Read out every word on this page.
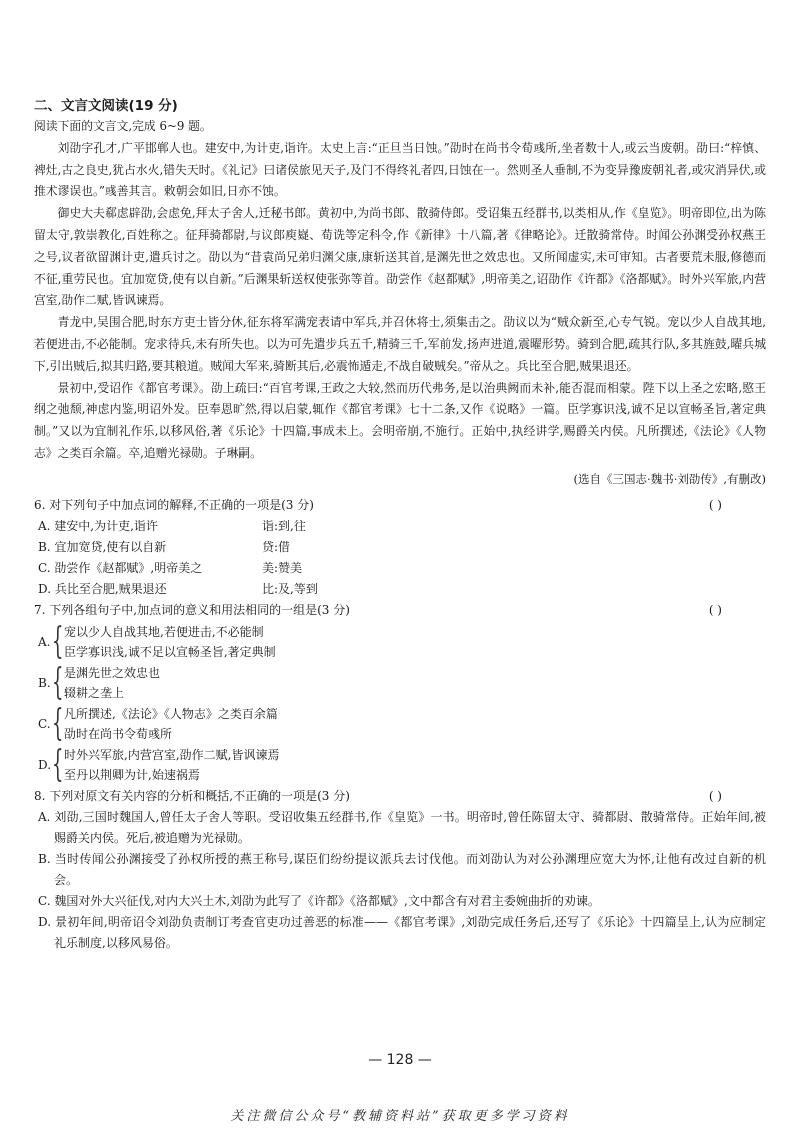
二、文言文阅读(19 分)

阅读下面的文言文,完成 6~9 题。

刘劭字孔才,广平邯郸人也。建安中,为计吏,诣许。太史上言:“正旦当日蚀。”劭时在尚书令荀彧所,坐者数十人,或云当废朝。劭曰:“梓慎、裨灶,古之良史,犹占水火,错失天时。《礼记》曰诸侯旅见天子,及门不得终礼者四,日蚀在一。然则圣人垂制,不为变异豫废朝礼者,或灾消异伏,或推术谬误也。”彧善其言。敕朝会如旧,日亦不蚀。

御史大夫郗虑辟劭,会虑免,拜太子舍人,迁秘书郎。黄初中,为尚书郎、散骑侍郎。受诏集五经群书,以类相从,作《皇览》。明帝即位,出为陈留太守,敦崇教化,百姓称之。征拜骑都尉,与议郎庾嶷、荀诜等定科令,作《新律》十八篇,著《律略论》。迁散骑常侍。时闻公孙渊受孙权燕王之号,议者欲留渊计吏,遣兵讨之。劭以为“昔袁尚兄弟归渊父康,康斩送其首,是渊先世之效忠也。又所闻虚实,未可审知。古者要荒未服,修德而不征,重劳民也。宜加宽贷,使有以自新。”后渊果斩送权使张弥等首。劭尝作《赵都赋》,明帝美之,诏劭作《许都》《洛都赋》。时外兴军旅,内营宫室,劭作二赋,皆讽谏焉。

青龙中,吴围合肥,时东方吏士皆分休,征东将军满宠表请中军兵,并召休将士,须集击之。劭议以为“贼众新至,心专气锐。宠以少人自战其地,若便进击,不必能制。宠求待兵,未有所失也。以为可先遣步兵五千,精骑三千,军前发,扬声进道,震曜形势。骑到合肥,疏其行队,多其旌鼓,曜兵城下,引出贼后,拟其归路,要其粮道。贼闻大军来,骑断其后,必震怖遁走,不战自破贼矣。”帝从之。兵比至合肥,贼果退还。

景初中,受诏作《都官考课》。劭上疏曰:“百官考课,王政之大较,然而历代弗务,是以治典阙而未补,能否混而相蒙。陛下以上圣之宏略,愍王纲之弛颓,神虑内鉴,明诏外发。臣奉恩旷然,得以启蒙,辄作《都官考课》七十二条,又作《说略》一篇。臣学寡识浅,诚不足以宣畅圣旨,著定典制。”又以为宜制礼作乐,以移风俗,著《乐论》十四篇,事成未上。会明帝崩,不施行。正始中,执经讲学,赐爵关内侯。凡所撰述,《法论》《人物志》之类百余篇。卒,追赠光禄勋。子琳嗣。

(选自《三国志·魏书·刘劭传》,有删改)

6. 对下列句子中加点词的解释,不正确的一项是(3 分)	( )
A. 建安中,为计吏,诣许	诣:到,往
B. 宜加宽贷,使有以自新	贷:借
C. 劭尝作《赵都赋》,明帝美之	美:赞美
D. 兵比至合肥,贼果退还	比:及,等到
7. 下列各组句子中,加点词的意义和用法相同的一组是(3 分)	( )
A. { 宠以少人自战其地,若便进击,不必能制
臣学寡识浅,诚不足以宣畅圣旨,著定典制
B. { 是渊先世之效忠也
辍耕之垄上
C. { 凡所撰述,《法论》《人物志》之类百余篇
劭时在尚书令荀彧所
D. { 时外兴军旅,内营宫室,劭作二赋,皆讽谏焉
至丹以荆卿为计,始速祸焉
8. 下列对原文有关内容的分析和概括,不正确的一项是(3 分)	( )
A. 刘劭,三国时魏国人,曾任太子舍人等职。受诏收集五经群书,作《皇览》一书。明帝时,曾任陈留太守、骑都尉、散骑常侍。正始年间,被赐爵关内侯。死后,被追赠为光禄勋。
B. 当时传闻公孙渊接受了孙权所授的燕王称号,谋臣们纷纷提议派兵去讨伐他。而刘劭认为对公孙渊理应宽大为怀,让他有改过自新的机会。
C. 魏国对外大兴征伐,对内大兴土木,刘劭为此写了《许都》《洛都赋》,文中都含有对君主委婉曲折的劝谏。
D. 景初年间,明帝诏令刘劭负责制订考查官吏功过善恶的标准——《都官考课》,刘劭完成任务后,还写了《乐论》十四篇呈上,认为应制定礼乐制度,以移风易俗。
— 128 —
关注微信公众号“教辅资料站”获取更多学习资料
